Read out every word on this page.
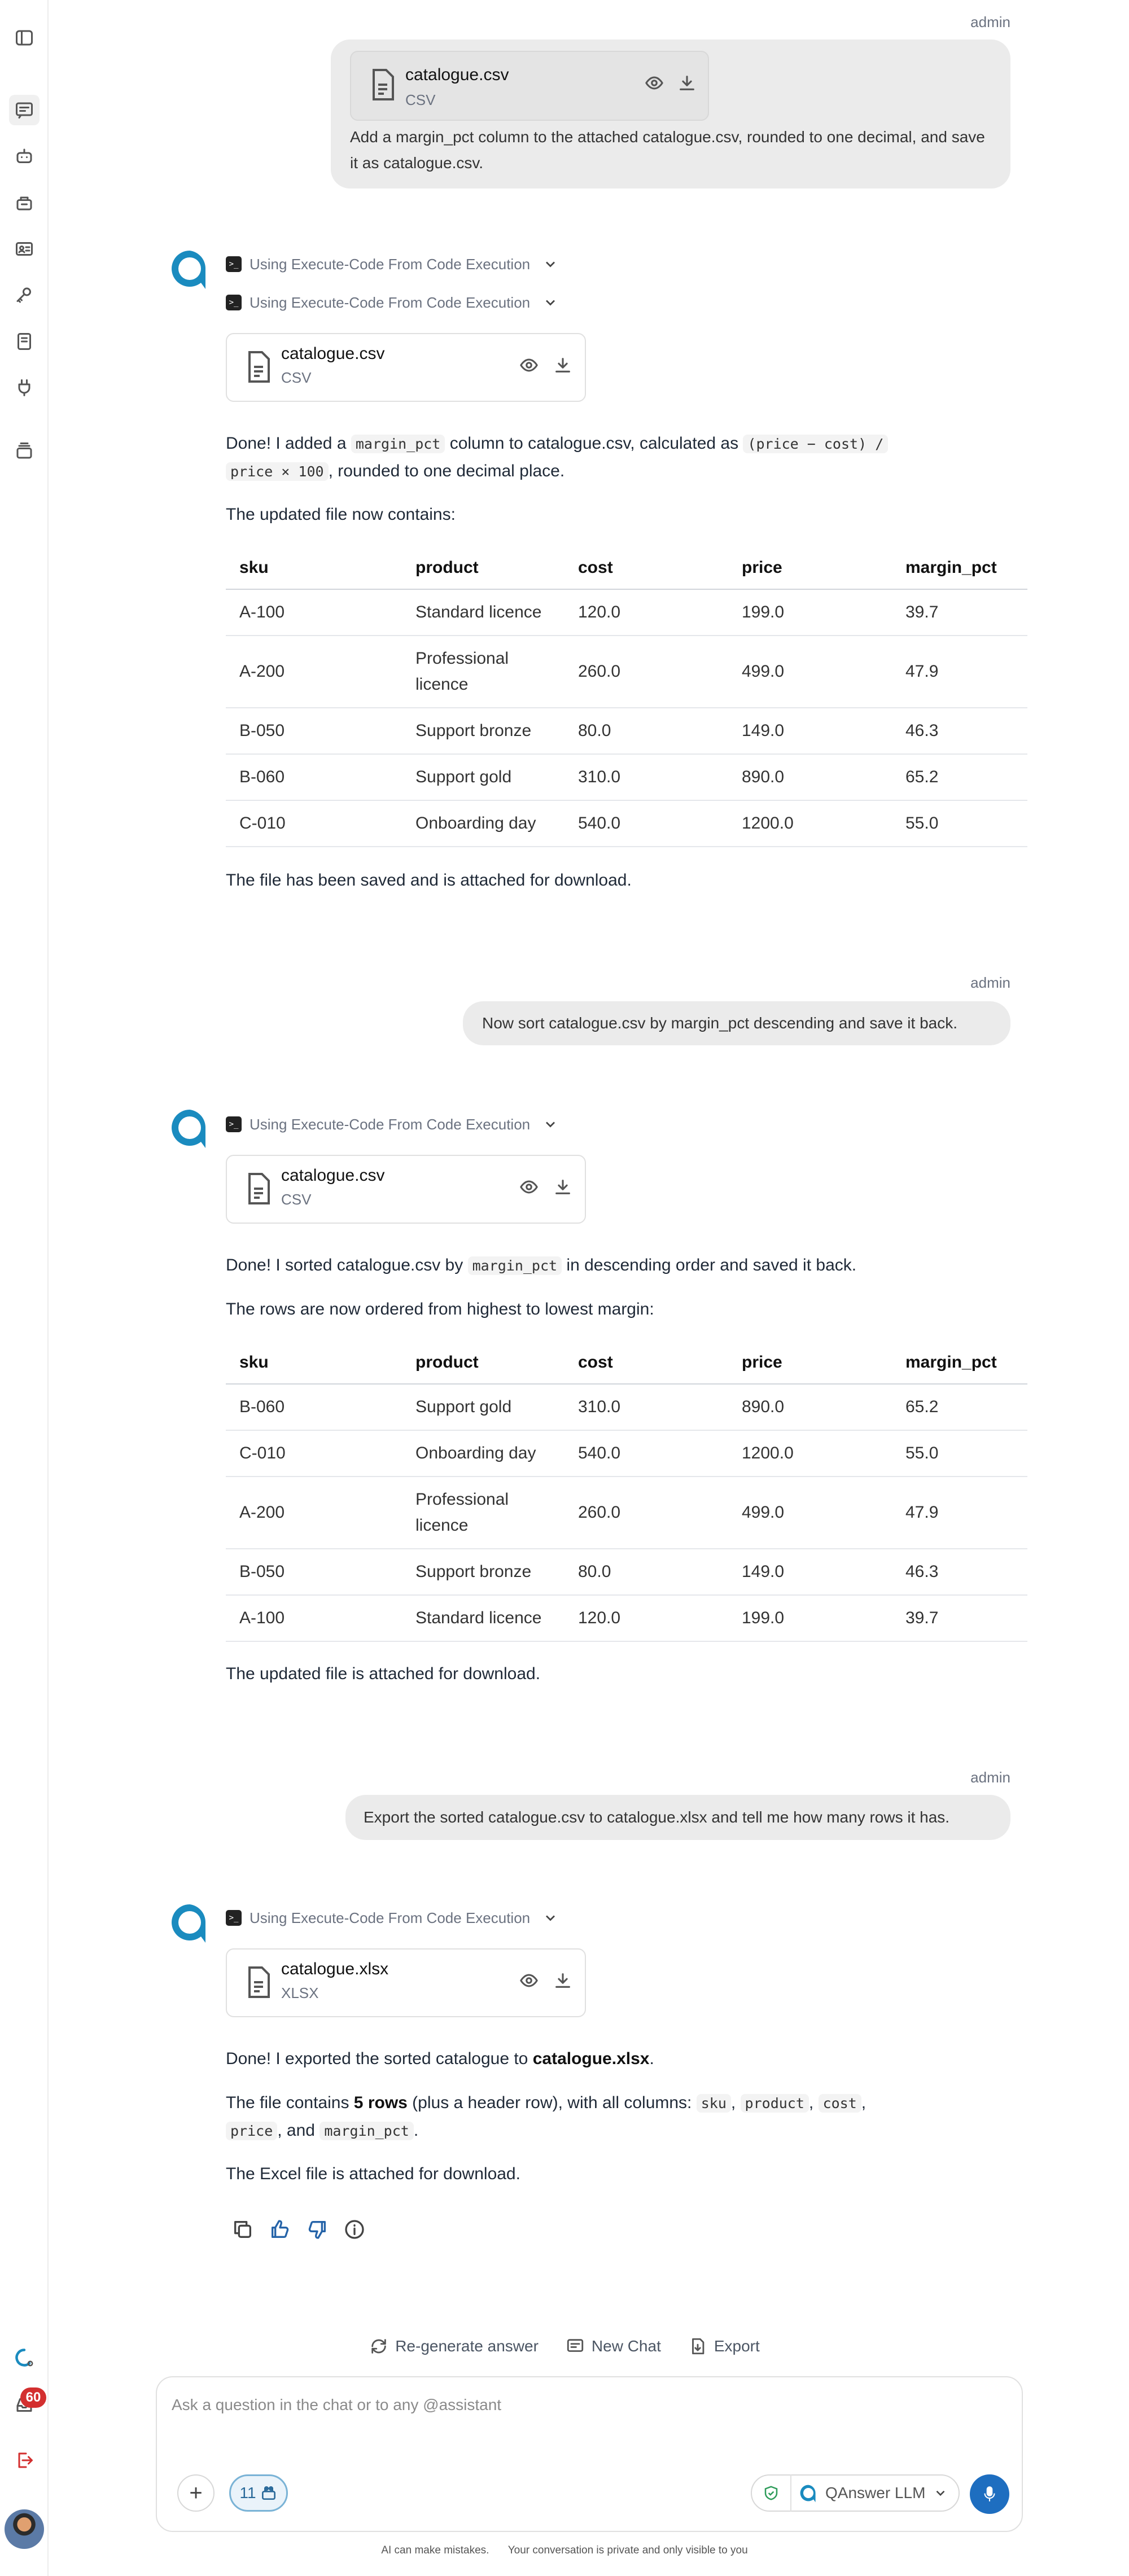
60
admin
catalogue.csv
CSV
Add a margin_pct column to the attached catalogue.csv, rounded to one decimal, and save it as catalogue.csv.
>_ Using Execute-Code From Code Execution
>_ Using Execute-Code From Code Execution
catalogue.csv
CSV
Done! I added a margin_pct column to catalogue.csv, calculated as (price − cost) /
price × 100 , rounded to one decimal place.
The updated file now contains:
sku	product	cost	price	margin_pct
A-100	Standard licence	120.0	199.0	39.7
A-200	Professional licence	260.0	499.0	47.9
B-050	Support bronze	80.0	149.0	46.3
B-060	Support gold	310.0	890.0	65.2
C-010	Onboarding day	540.0	1200.0	55.0
The file has been saved and is attached for download.
admin
Now sort catalogue.csv by margin_pct descending and save it back.
>_ Using Execute-Code From Code Execution
catalogue.csv
CSV
Done! I sorted catalogue.csv by margin_pct in descending order and saved it back.
The rows are now ordered from highest to lowest margin:
sku	product	cost	price	margin_pct
B-060	Support gold	310.0	890.0	65.2
C-010	Onboarding day	540.0	1200.0	55.0
A-200	Professional licence	260.0	499.0	47.9
B-050	Support bronze	80.0	149.0	46.3
A-100	Standard licence	120.0	199.0	39.7
The updated file is attached for download.
admin
Export the sorted catalogue.csv to catalogue.xlsx and tell me how many rows it has.
>_ Using Execute-Code From Code Execution
catalogue.xlsx
XLSX
Done! I exported the sorted catalogue to catalogue.xlsx.
The file contains 5 rows (plus a header row), with all columns: sku , product , cost ,
price , and margin_pct .
The Excel file is attached for download.
Re-generate answer	New Chat	Export
Ask a question in the chat or to any @assistant
+	11	QAnswer LLM
AI can make mistakes. Your conversation is private and only visible to you
